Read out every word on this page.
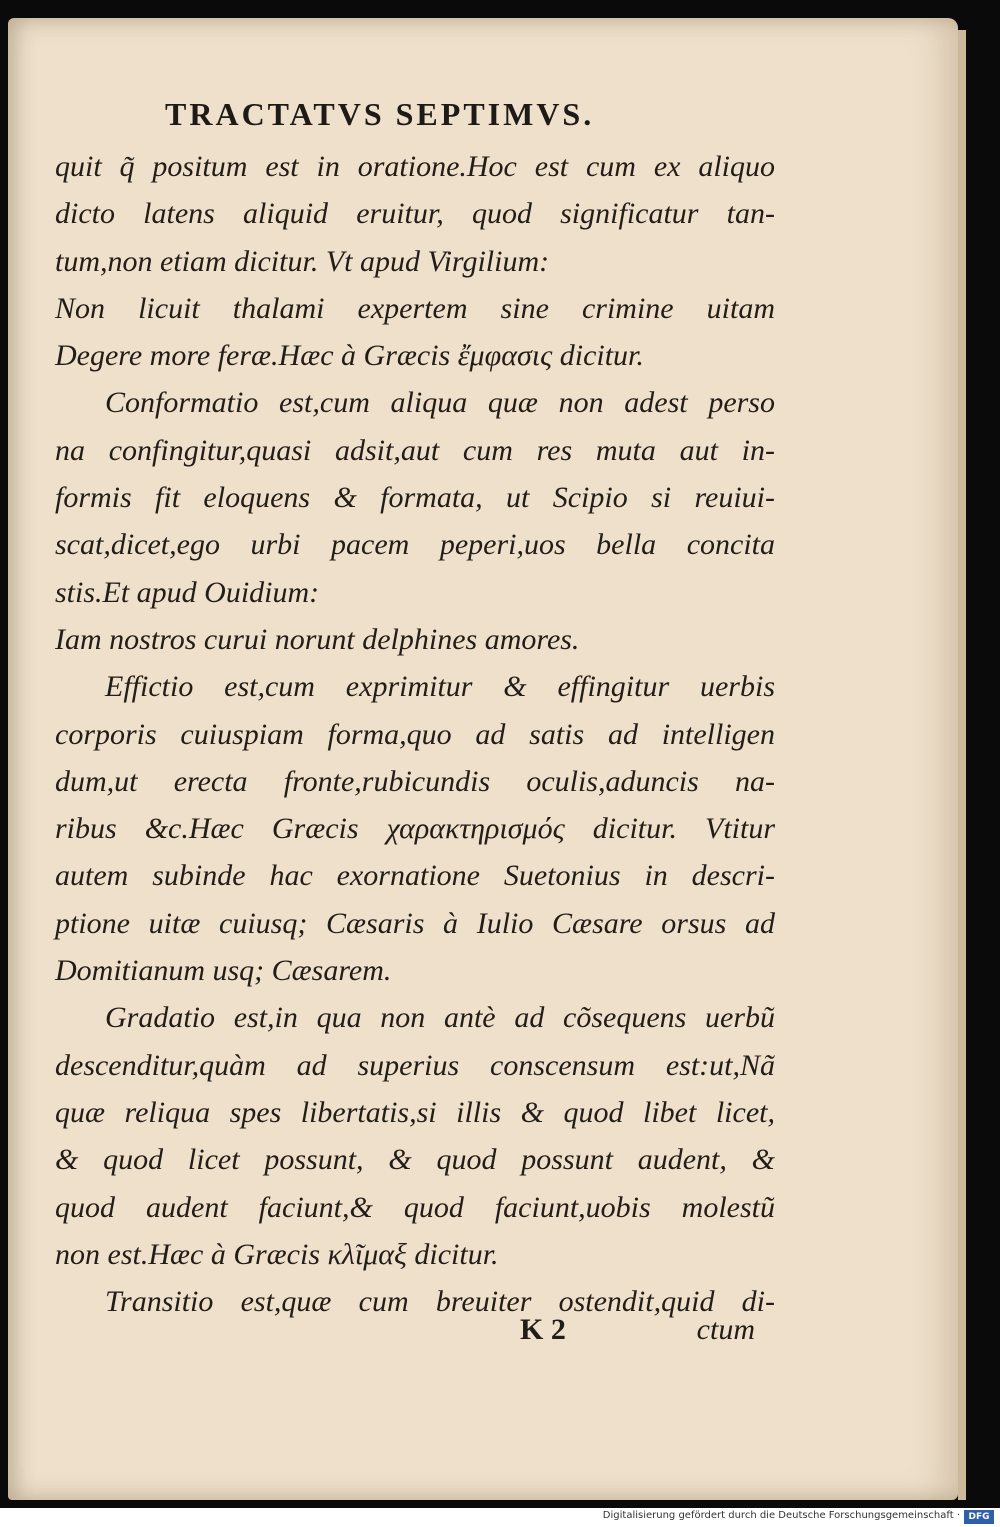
TRACTATVS SEPTIMVS.
quit q̃ positum est in oratione.Hoc est cum ex aliquo
dicto latens aliquid eruitur, quod significatur tan-
tum,non etiam dicitur. Vt apud Virgilium:
Non licuit thalami expertem sine crimine uitam
Degere more feræ.Hæc à Græcis ἔμφασις dicitur.
Conformatio est,cum aliqua quæ non adest perso
na confingitur,quasi adsit,aut cum res muta aut in-
formis fit eloquens & formata, ut Scipio si reuiui-
scat,dicet,ego urbi pacem peperi,uos bella concita
stis.Et apud Ouidium:
Iam nostros curui norunt delphines amores.
Effictio est,cum exprimitur & effingitur uerbis
corporis cuiuspiam forma,quo ad satis ad intelligen
dum,ut erecta fronte,rubicundis oculis,aduncis na-
ribus &c.Hæc Græcis χαρακτηρισμός dicitur. Vtitur
autem subinde hac exornatione Suetonius in descri-
ptione uitæ cuiusq; Cæsaris à Iulio Cæsare orsus ad
Domitianum usq; Cæsarem.
Gradatio est,in qua non antè ad cõsequens uerbũ
descenditur,quàm ad superius conscensum est:ut,Nã
quæ reliqua spes libertatis,si illis & quod libet licet,
& quod licet possunt, & quod possunt audent, &
quod audent faciunt,& quod faciunt,uobis molestũ
non est.Hæc à Græcis κλῖμαξ dicitur.
Transitio est,quæ cum breuiter ostendit,quid di-
K 2	ctum
Digitalisierung gefördert durch die Deutsche Forschungsgemeinschaft · DFG
